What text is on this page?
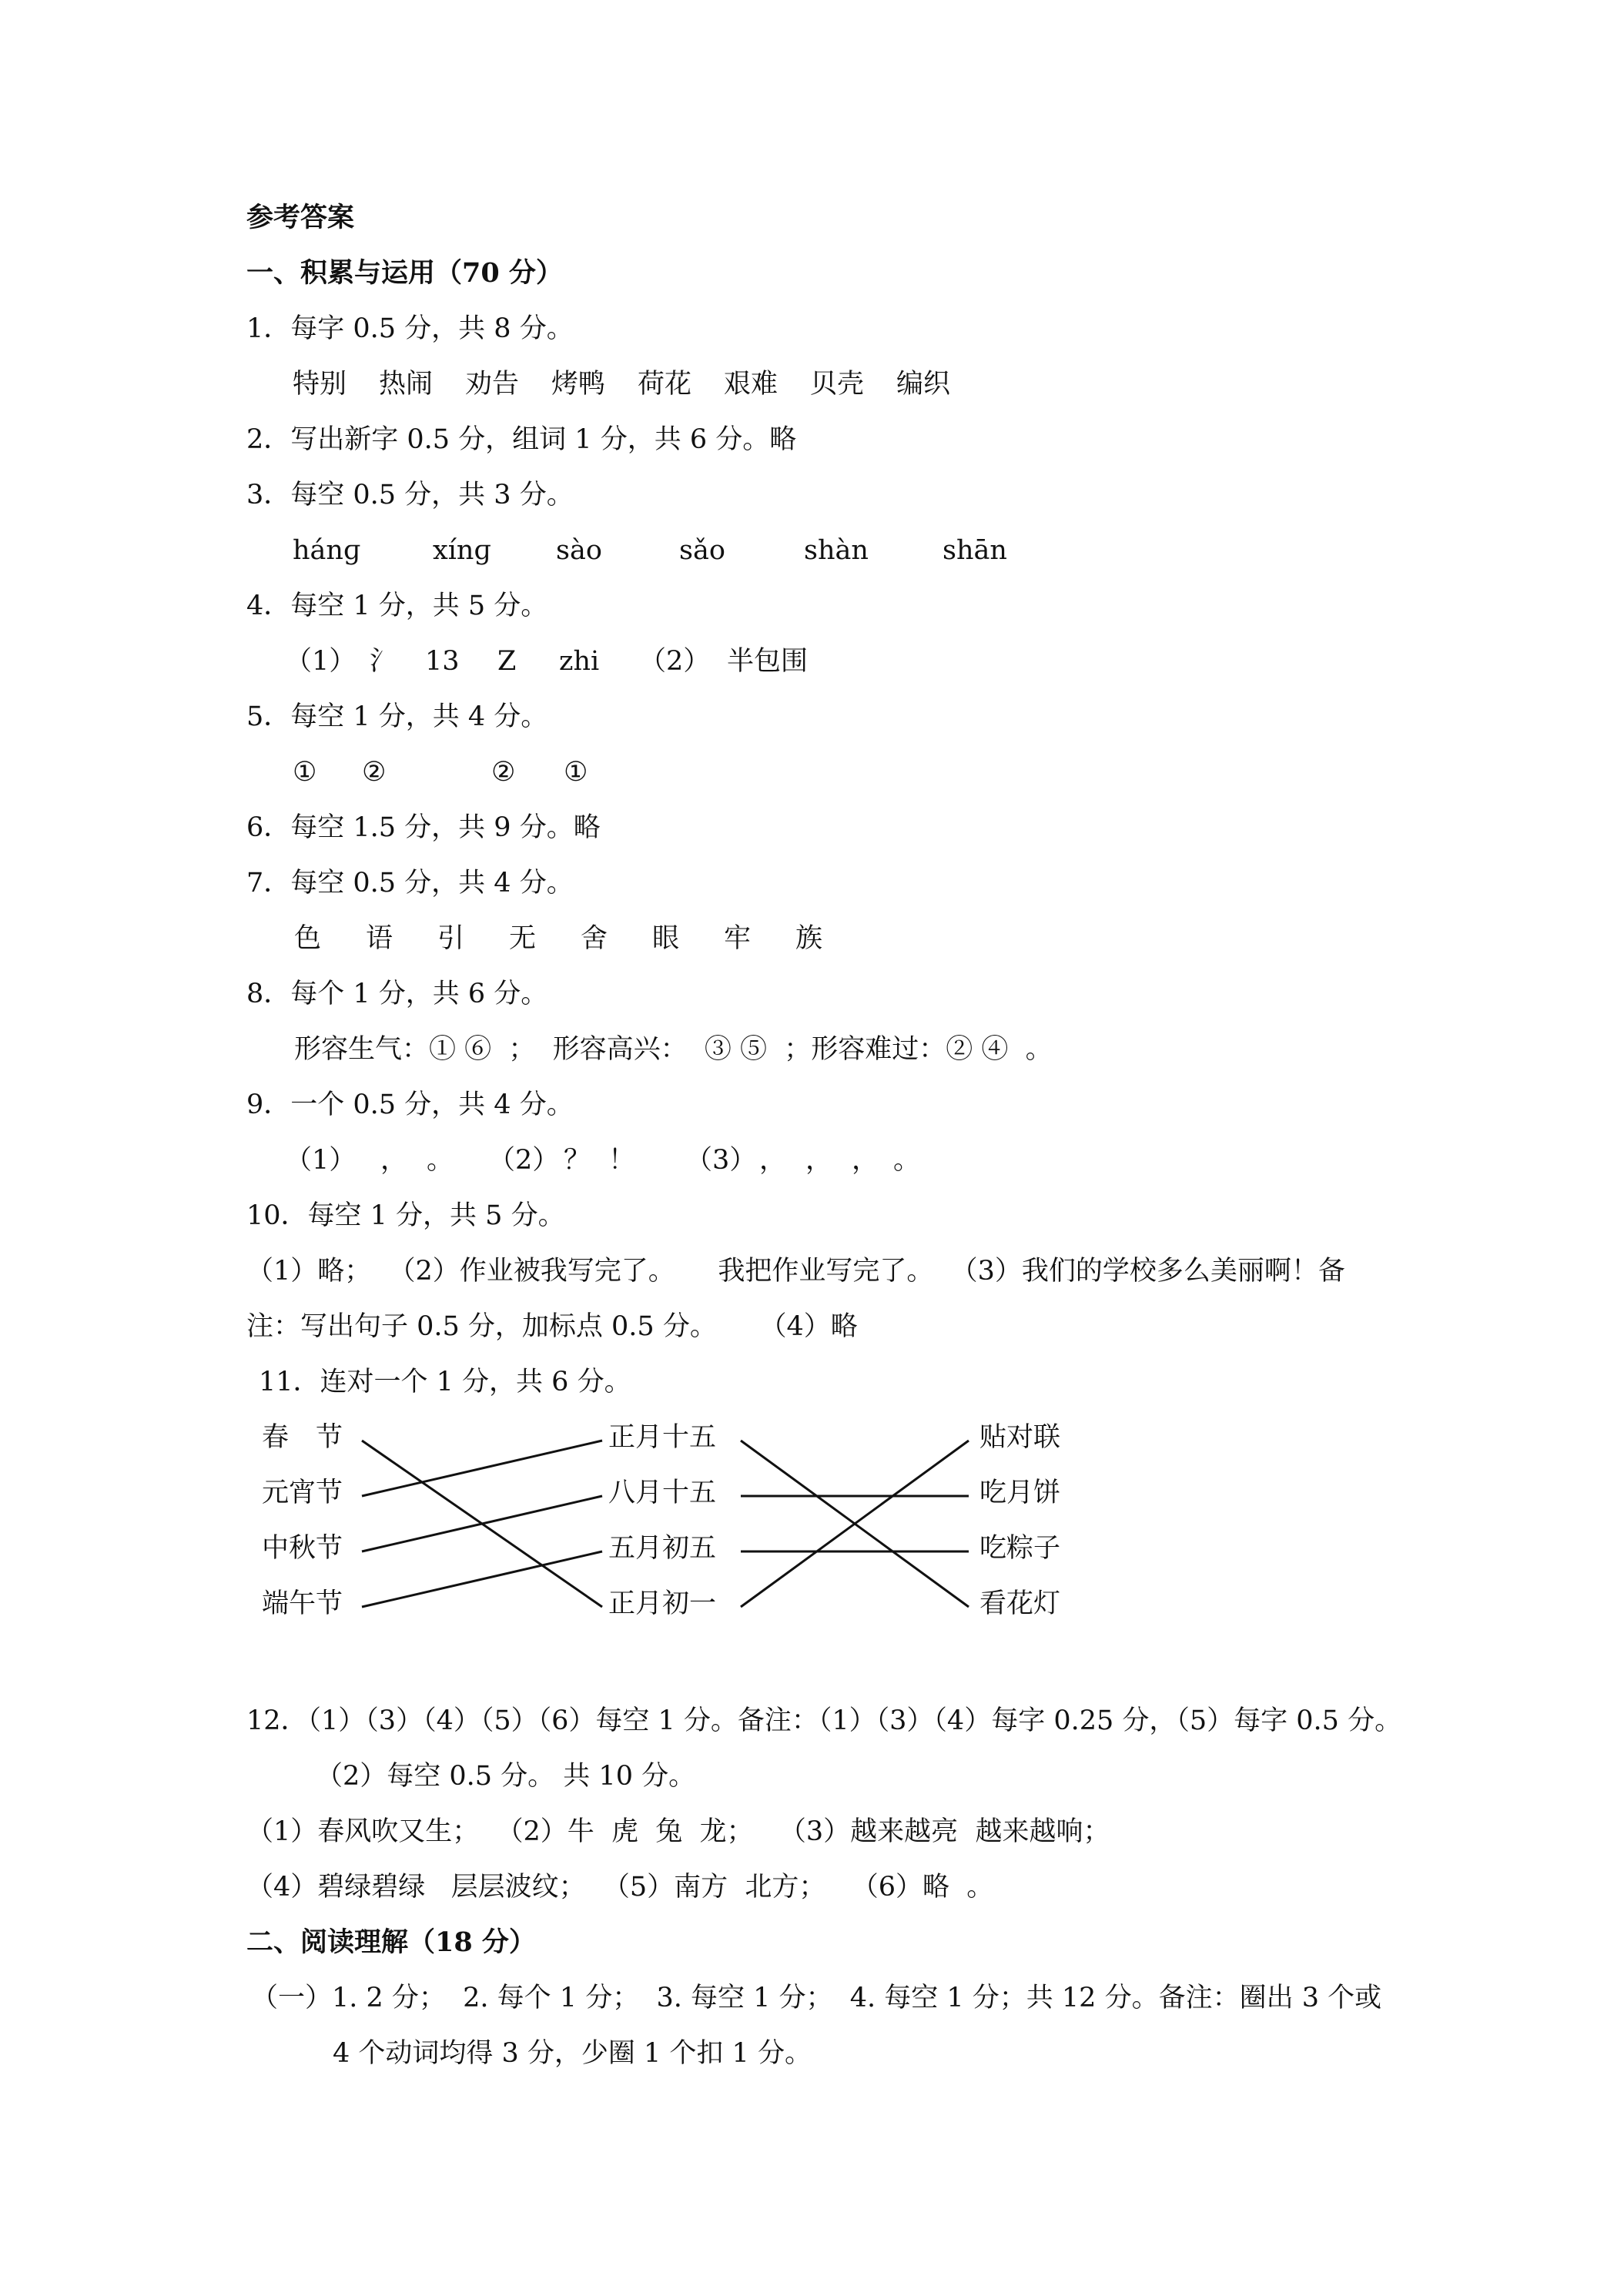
参考答案
一、积累与运用（70 分）
1．每字 0.5 分，共 8 分。
特别 热闹 劝告 烤鸭 荷花 艰难 贝壳 编织
2．写出新字 0.5 分，组词 1 分，共 6 分。略
3．每空 0.5 分，共 3 分。
hánɡ	xínɡ sào	sǎo	shàn	shān
4．每空 1 分，共 5 分。
（1） 氵 13 Z zhi （2） 半包围
5．每空 1 分，共 4 分。
① ②	② ①
6．每空 1.5 分，共 9 分。略
7．每空 0.5 分，共 4 分。
色 语 引 无 舍 眼 牢 族
8．每个 1 分，共 6 分。
形容生气：① ⑥  ；  形容高兴：  ③ ⑤  ；形容难过：② ④  。
9．一个 0.5 分，共 4 分。
（1） ， 。 （2） ？ ！ （3） ， ， ， 。
10．每空 1 分，共 5 分。
（1）略；  （2）作业被我写完了。     我把作业写完了。  （3）我们的学校多么美丽啊！备
注：写出句子 0.5 分，加标点 0.5 分。     （4）略
11．连对一个 1 分，共 6 分。
春　节
元宵节
中秋节
端午节
正月十五
八月十五
五月初五
正月初一
贴对联
吃月饼
吃粽子
看花灯
12．（1）（3）（4）（5）（6）每空 1 分。备注：（1）（3）（4）每字 0.25 分，（5）每字 0.5 分。
（2）每空 0.5 分。 共 10 分。
（1）春风吹又生；  （2）牛  虎  兔  龙；   （3）越来越亮  越来越响；
（4）碧绿碧绿   层层波纹；  （5）南方  北方；   （6）略  。
二、阅读理解（18 分）
（一）1. 2 分；  2. 每个 1 分；  3. 每空 1 分；  4. 每空 1 分；共 12 分。备注：圈出 3 个或
4 个动词均得 3 分，少圈 1 个扣 1 分。
